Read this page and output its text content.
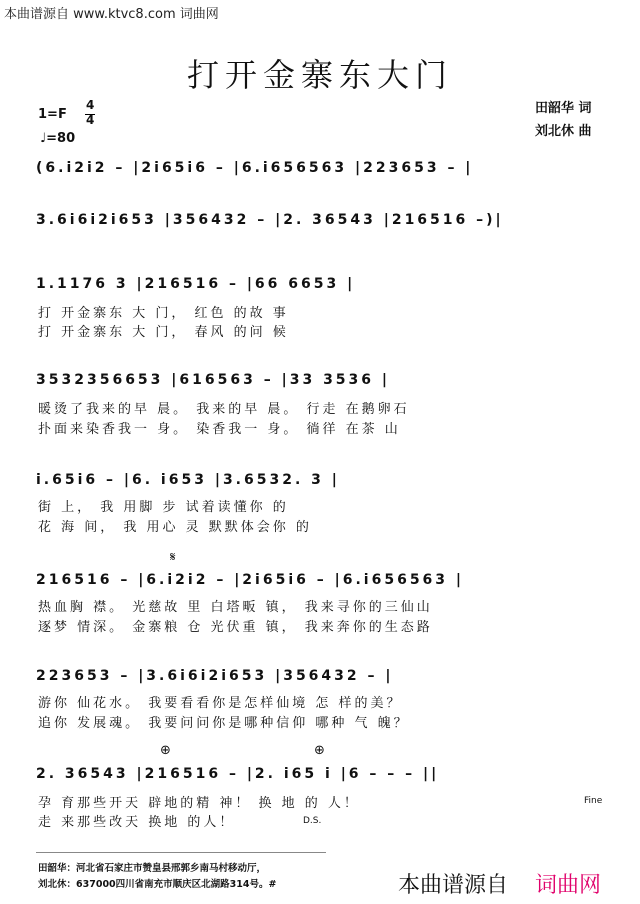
本曲谱源自 www.ktvc8.com 词曲网
打开金寨东大门
1=F
4
4
♩=80
田韶华 词
刘北休 曲
(6.i2i2 – |2i65i6 – |6.i656563 |223653 – |
3.6i6i2i653 |356432 – |2. 36543 |216516 –)|
1.1176 3 |216516 – |66 6653 |
打 开金寨东 大 门， 红色 的故 事
打 开金寨东 大 门， 春风 的问 候
3532356653 |616563 – |33 3536 |
暖烫了我来的早 晨。 我来的早 晨。 行走 在鹅卵石
扑面来染香我一 身。 染香我一 身。 徜徉 在茶 山
i.65i6 – |6. i653 |3.6532. 3 |
街 上， 我 用脚 步 试着读懂你 的
花 海 间， 我 用心 灵 默默体会你 的
𝄋
216516 – |6.i2i2 – |2i65i6 – |6.i656563 |
热血胸 襟。 光慈故 里 白塔畈 镇， 我来寻你的三仙山
逐梦 情深。 金寨粮 仓 光伏重 镇， 我来奔你的生态路
223653 – |3.6i6i2i653 |356432 – |
游你 仙花水。 我要看看你是怎样仙境 怎 样的美？
追你 发展魂。 我要问问你是哪种信仰 哪种 气 魄？
⊕	⊕
2. 36543 |216516 – |2. i65 i |6 – – – ||
孕 育那些开天 辟地的精 神！ 换 地 的 人！	Fine
走 来那些改天 换地 的人！	D.S.
田韶华：河北省石家庄市赞皇县邢郭乡南马村移动厅，
刘北休：637000四川省南充市顺庆区北湖路314号。#	本曲谱源自 词曲网
